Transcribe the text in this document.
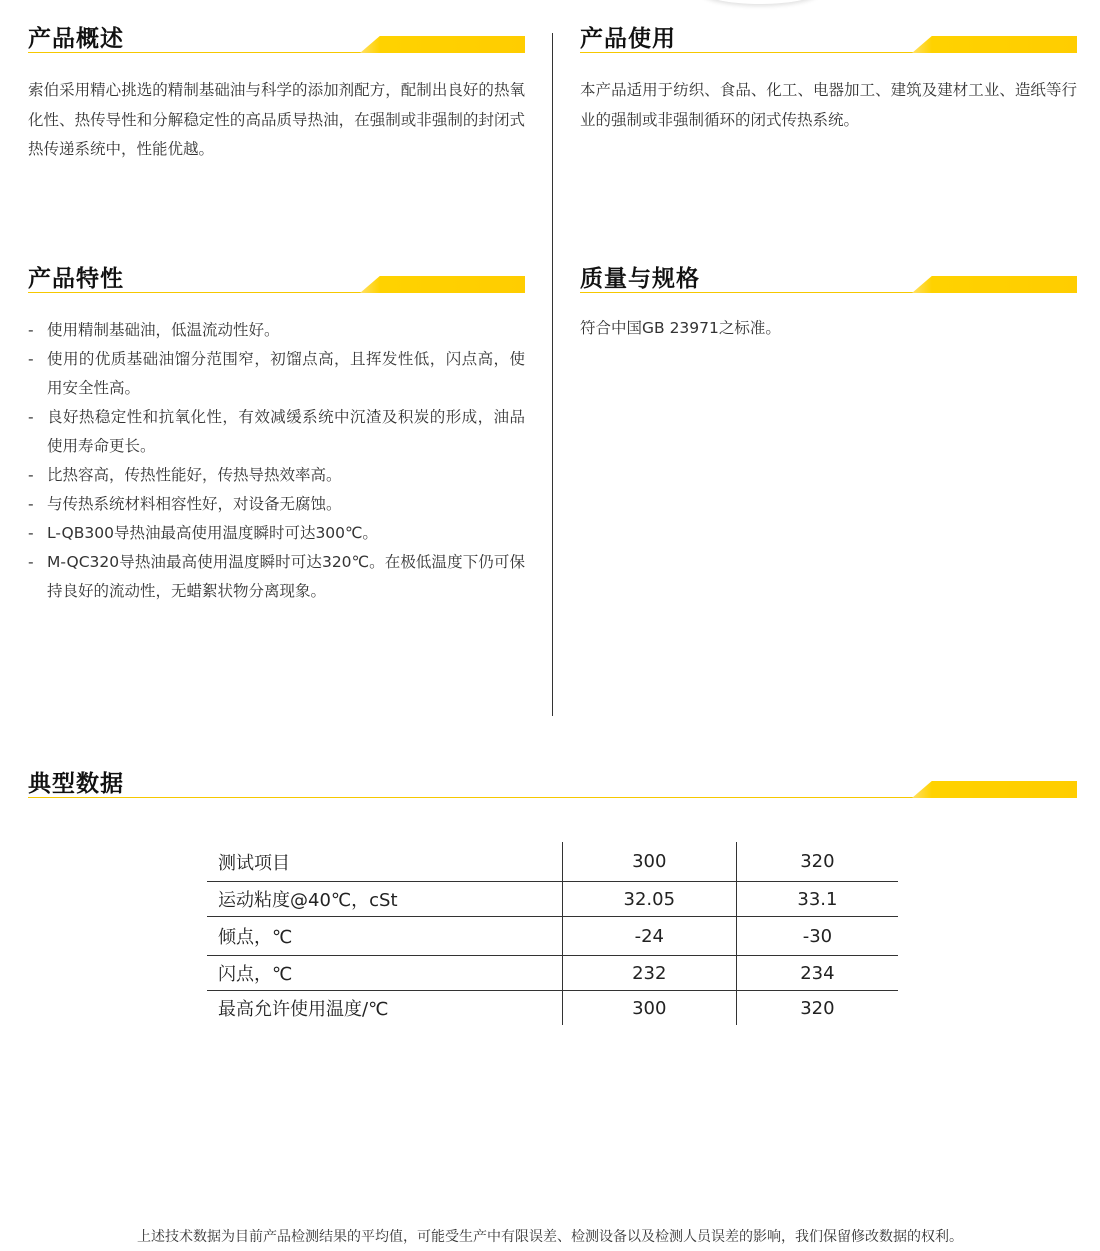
产品概述

索伯采用精心挑选的精制基础油与科学的添加剂配方，配制出良好的热氧化性、热传导性和分解稳定性的高品质导热油，在强制或非强制的封闭式热传递系统中，性能优越。

产品使用

本产品适用于纺织、食品、化工、电器加工、建筑及建材工业、造纸等行业的强制或非强制循环的闭式传热系统。

产品特性
- 使用精制基础油，低温流动性好。
- 使用的优质基础油馏分范围窄，初馏点高，且挥发性低，闪点高，使用安全性高。
- 良好热稳定性和抗氧化性，有效减缓系统中沉渣及积炭的形成，油品使用寿命更长。
- 比热容高，传热性能好，传热导热效率高。
- 与传热系统材料相容性好，对设备无腐蚀。
- L-QB300导热油最高使用温度瞬时可达300℃。
- M-QC320导热油最高使用温度瞬时可达320℃。在极低温度下仍可保持良好的流动性，无蜡絮状物分离现象。
质量与规格

符合中国GB 23971之标准。

典型数据
测试项目	300	320
运动粘度@40℃，cSt	32.05	33.1
倾点，℃	-24	-30
闪点，℃	232	234
最高允许使用温度/℃	300	320
上述技术数据为目前产品检测结果的平均值，可能受生产中有限误差、检测设备以及检测人员误差的影响，我们保留修改数据的权利。
